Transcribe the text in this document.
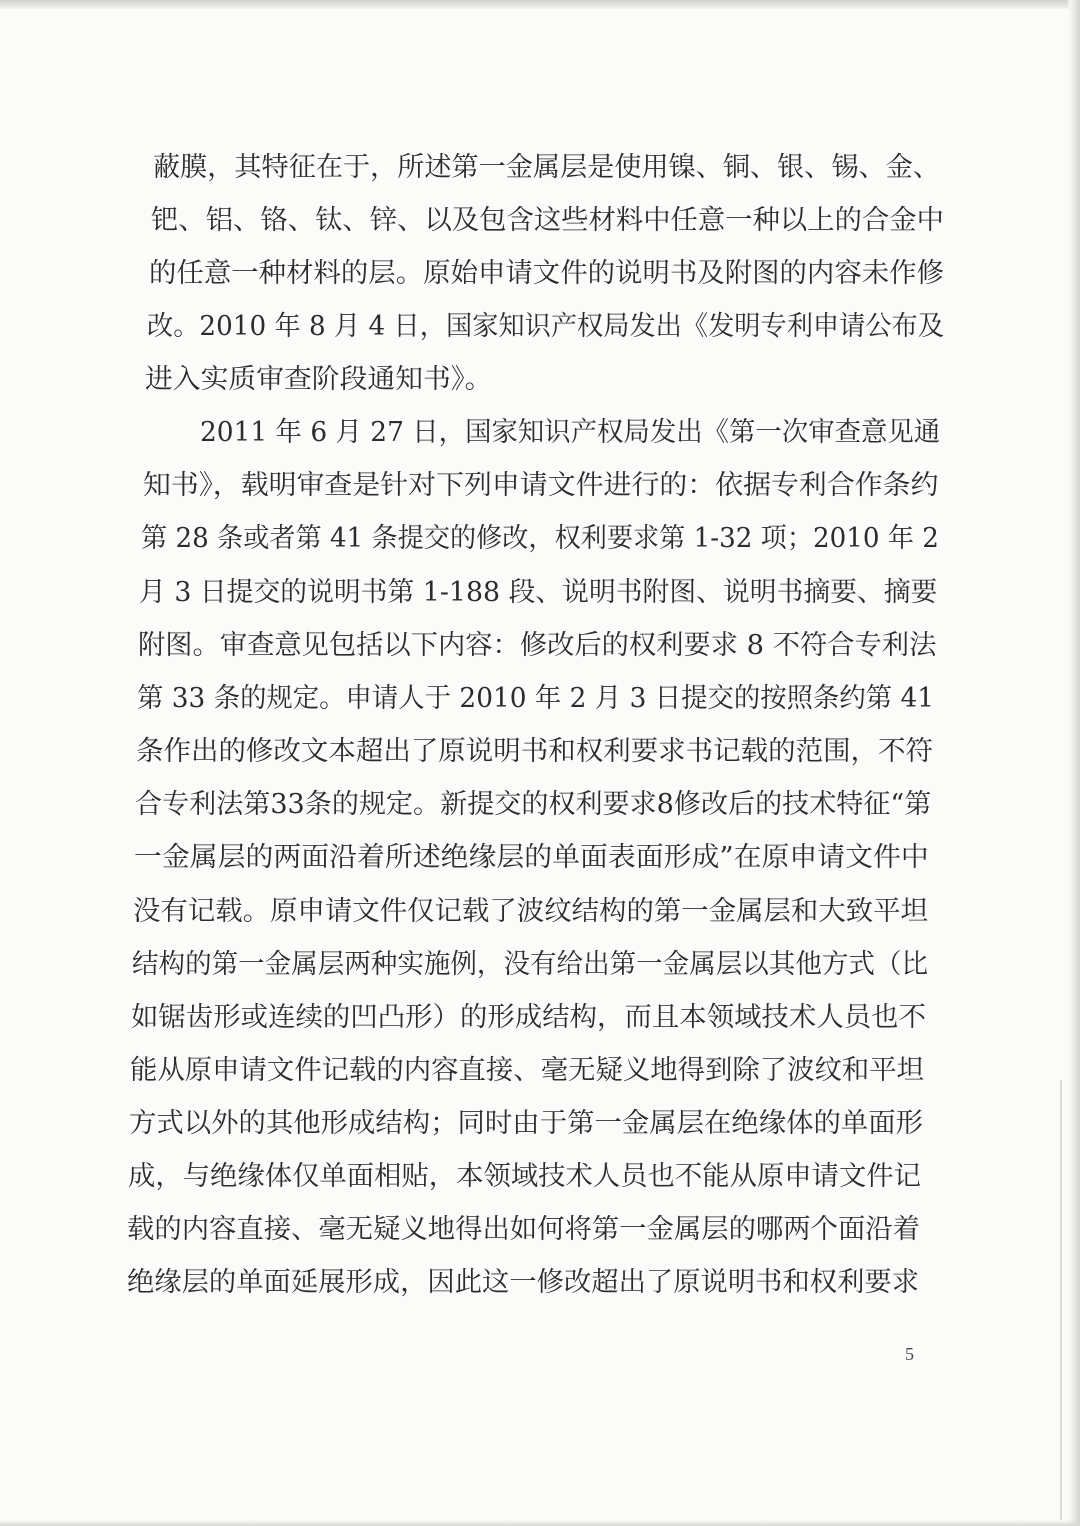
蔽膜，其特征在于，所述第一金属层是使用镍、铜、银、锡、金、

钯、铝、铬、钛、锌、以及包含这些材料中任意一种以上的合金中

的任意一种材料的层。原始申请文件的说明书及附图的内容未作修

改。2010 年 8 月 4 日，国家知识产权局发出《发明专利申请公布及

进入实质审查阶段通知书》。

2011 年 6 月 27 日，国家知识产权局发出《第一次审查意见通

知书》，载明审查是针对下列申请文件进行的：依据专利合作条约

第 28 条或者第 41 条提交的修改，权利要求第 1-32 项；2010 年 2

月 3 日提交的说明书第 1-188 段、说明书附图、说明书摘要、摘要

附图。审查意见包括以下内容：修改后的权利要求 8 不符合专利法

第 33 条的规定。申请人于 2010 年 2 月 3 日提交的按照条约第 41

条作出的修改文本超出了原说明书和权利要求书记载的范围，不符

合专利法第33条的规定。新提交的权利要求8修改后的技术特征“第

一金属层的两面沿着所述绝缘层的单面表面形成”在原申请文件中

没有记载。原申请文件仅记载了波纹结构的第一金属层和大致平坦

结构的第一金属层两种实施例，没有给出第一金属层以其他方式（比

如锯齿形或连续的凹凸形）的形成结构，而且本领域技术人员也不

能从原申请文件记载的内容直接、毫无疑义地得到除了波纹和平坦

方式以外的其他形成结构；同时由于第一金属层在绝缘体的单面形

成，与绝缘体仅单面相贴，本领域技术人员也不能从原申请文件记

载的内容直接、毫无疑义地得出如何将第一金属层的哪两个面沿着

绝缘层的单面延展形成，因此这一修改超出了原说明书和权利要求

5
